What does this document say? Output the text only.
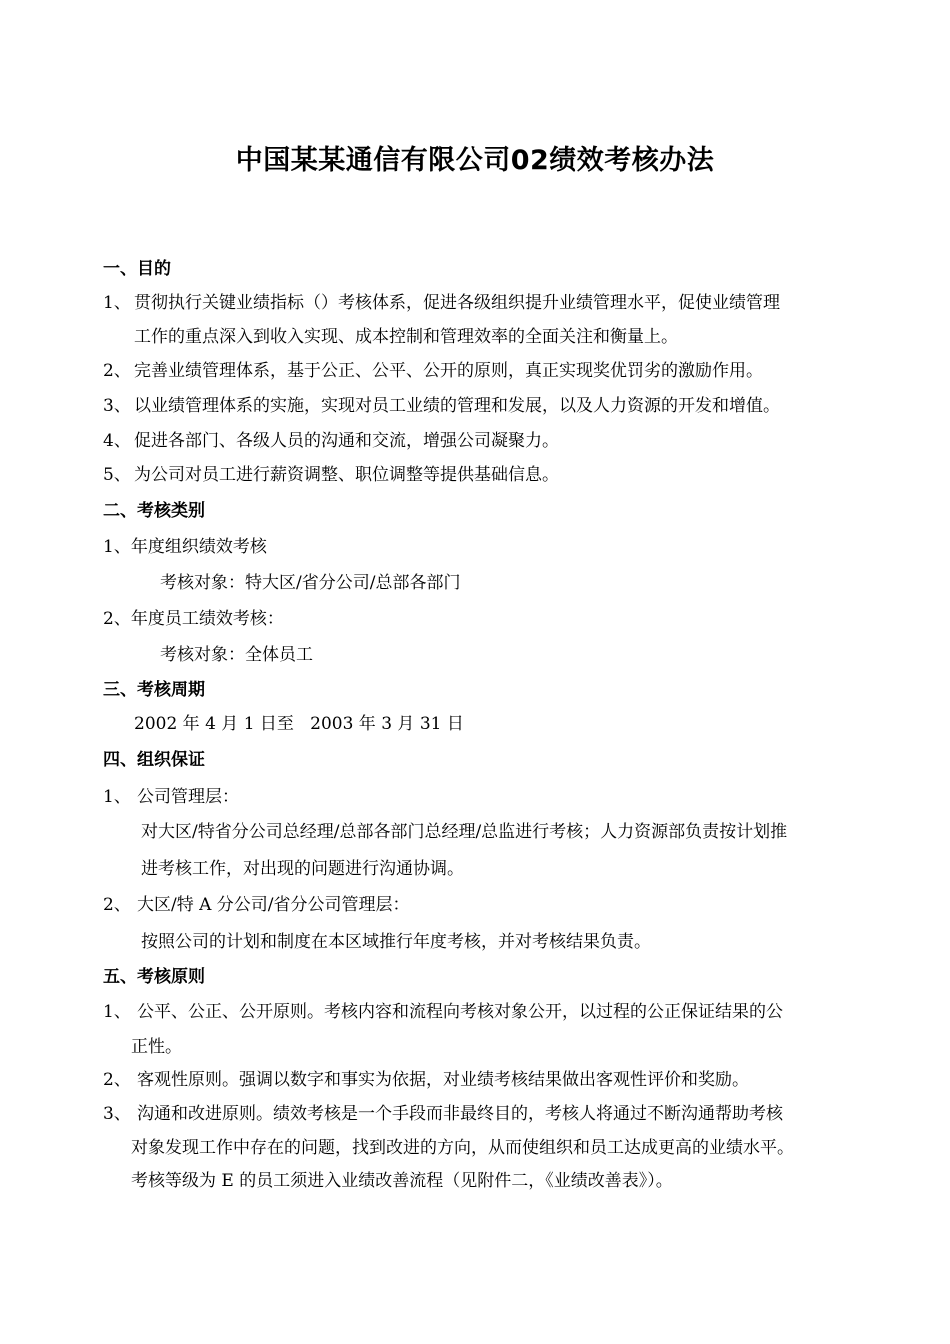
中国某某通信有限公司02绩效考核办法
一、目的
1、 贯彻执行关键业绩指标（）考核体系，促进各级组织提升业绩管理水平，促使业绩管理
工作的重点深入到收入实现、成本控制和管理效率的全面关注和衡量上。
2、 完善业绩管理体系，基于公正、公平、公开的原则，真正实现奖优罚劣的激励作用。
3、 以业绩管理体系的实施，实现对员工业绩的管理和发展，以及人力资源的开发和增值。
4、 促进各部门、各级人员的沟通和交流，增强公司凝聚力。
5、 为公司对员工进行薪资调整、职位调整等提供基础信息。
二、考核类别
1、年度组织绩效考核
考核对象：特大区/省分公司/总部各部门
2、年度员工绩效考核：
考核对象：全体员工
三、考核周期
2002 年 4 月 1 日至   2003 年 3 月 31 日
四、组织保证
1、 公司管理层：
对大区/特省分公司总经理/总部各部门总经理/总监进行考核；人力资源部负责按计划推
进考核工作，对出现的问题进行沟通协调。
2、 大区/特 A 分公司/省分公司管理层：
按照公司的计划和制度在本区域推行年度考核，并对考核结果负责。
五、考核原则
1、 公平、公正、公开原则。考核内容和流程向考核对象公开，以过程的公正保证结果的公
正性。
2、 客观性原则。强调以数字和事实为依据，对业绩考核结果做出客观性评价和奖励。
3、 沟通和改进原则。绩效考核是一个手段而非最终目的，考核人将通过不断沟通帮助考核
对象发现工作中存在的问题，找到改进的方向，从而使组织和员工达成更高的业绩水平。
考核等级为 E 的员工须进入业绩改善流程（见附件二，《业绩改善表》）。
